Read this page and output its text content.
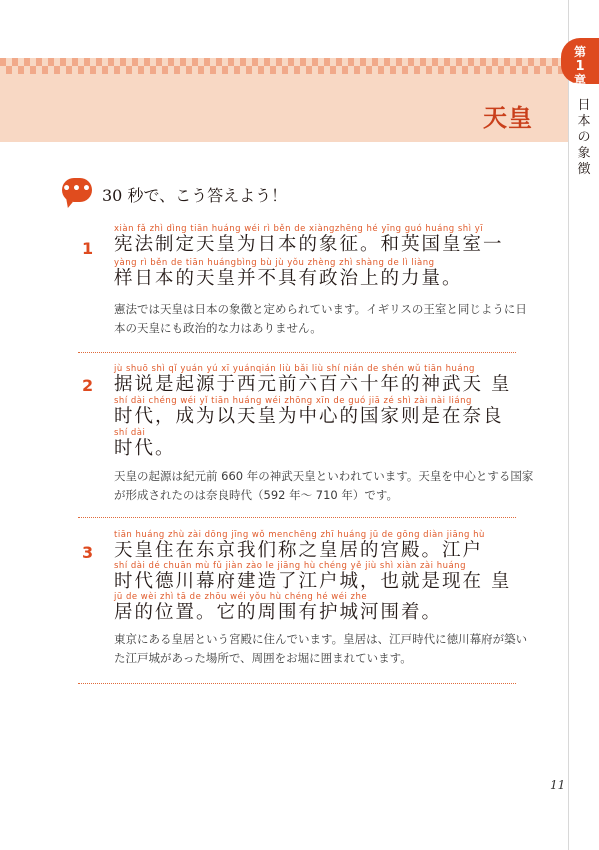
天皇
第
1
章
日本の象徴
••• 30 秒で、こう答えよう！
1
xiàn fǎ zhì dìng tiān huáng wéi rì běn de xiàngzhēng hé yīng guó huáng shì yī
宪法制定天皇为日本的象征。和英国皇室一
yàng rì běn de tiān huángbìng bù jù yǒu zhèng zhì shàng de lì liàng
样日本的天皇并不具有政治上的力量。
憲法では天皇は日本の象徴と定められています。イギリスの王室と同じように日本の天皇にも政治的な力はありません。
2
jù shuō shì qǐ yuán yú xī yuánqián liù bǎi liù shí nián de shén wǔ tiān huáng
据说是起源于西元前六百六十年的神武天 皇
shí dài chéng wéi yǐ tiān huáng wéi zhōng xīn de guó jiā zé shì zài nài liáng
时代，成为以天皇为中心的国家则是在奈良
shí dài
时代。
天皇の起源は紀元前 660 年の神武天皇といわれています。天皇を中心とする国家が形成されたのは奈良時代（592 年～ 710 年）です。
3
tiān huáng zhù zài dōng jīng wǒ menchēng zhī huáng jū de gōng diàn jiāng hù
天皇住在东京我们称之皇居的宫殿。江户
shí dài dé chuān mù fǔ jiàn zào le jiāng hù chéng yě jiù shì xiàn zài huáng
时代德川幕府建造了江户城，也就是现在 皇
jū de wèi zhì tā de zhōu wéi yǒu hù chéng hé wéi zhe
居的位置。它的周围有护城河围着。
東京にある皇居という宮殿に住んでいます。皇居は、江戸時代に徳川幕府が築いた江戸城があった場所で、周囲をお堀に囲まれています。
11
